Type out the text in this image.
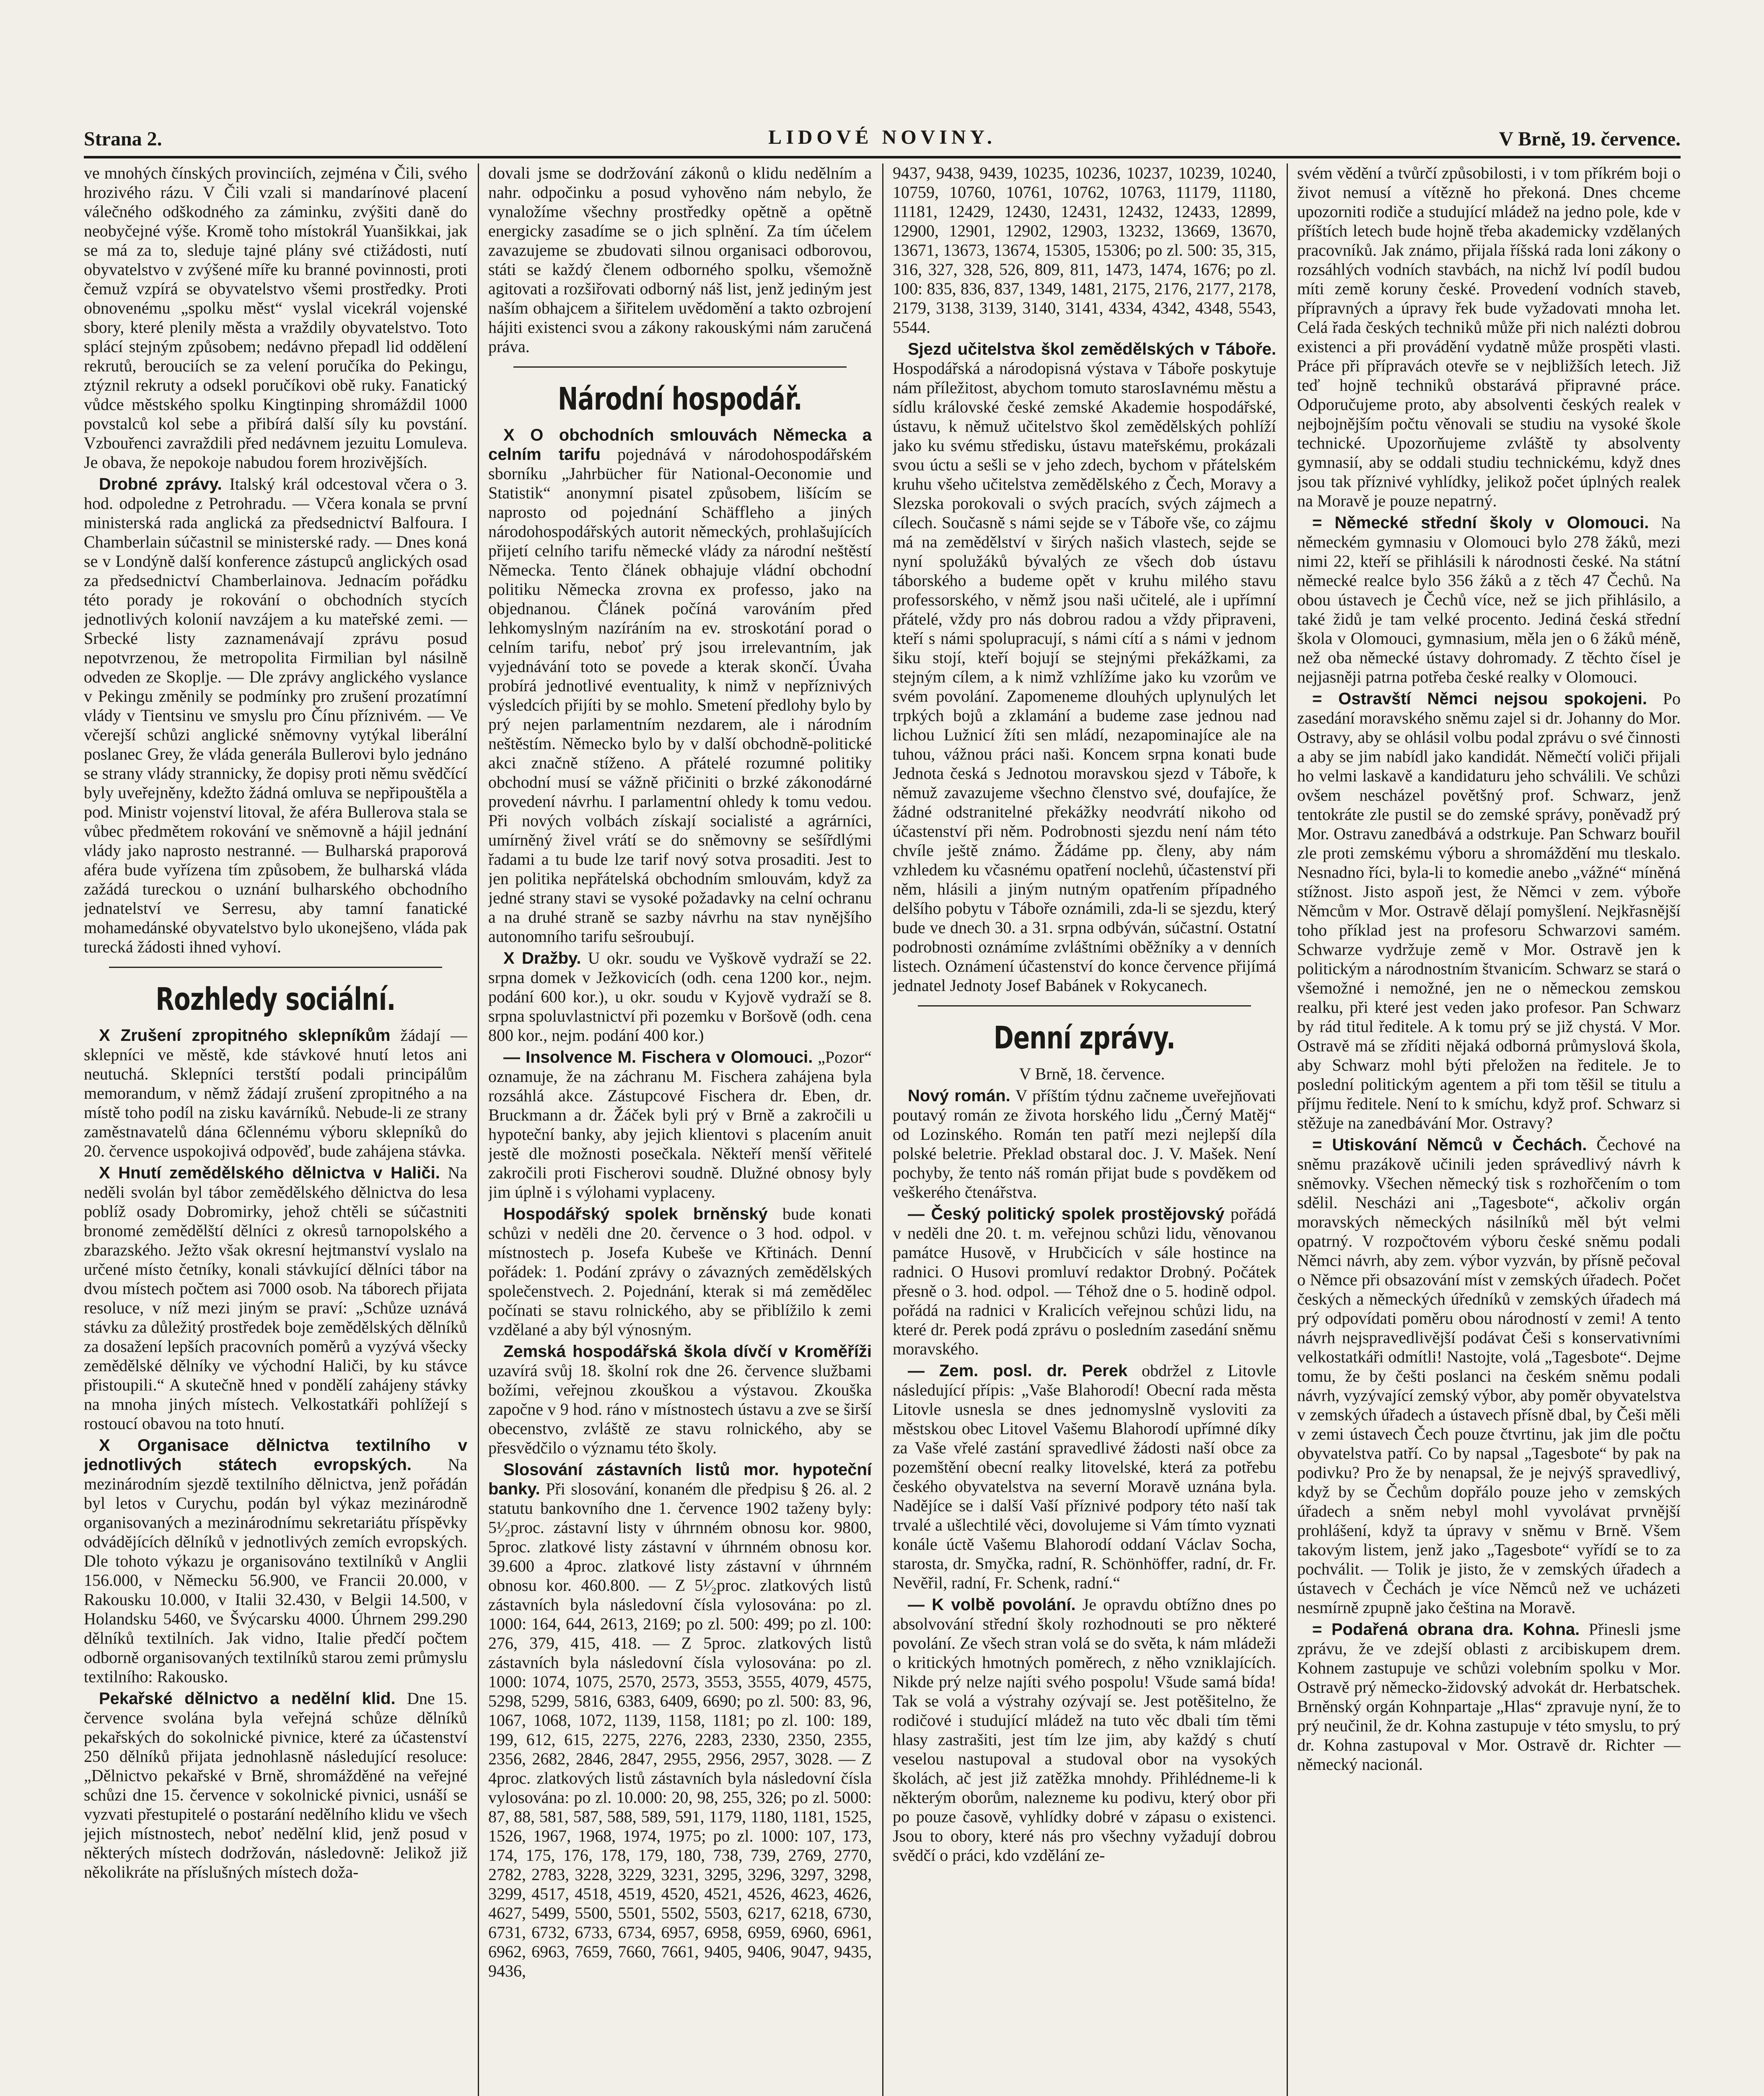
Strana 2.	LIDOVÉ NOVINY.	V Brně, 19. července.

ve mnohých čínských provinciích, zejména v Čili, svého hrozivého rázu. V Čili vzali si mandarínové placení válečného odškodného za záminku, zvýšiti daně do neobyčejné výše. Kromě toho místokrál Yuanšikkai, jak se má za to, sleduje tajné plány své ctižádosti, nutí obyvatelstvo v zvýšené míře ku branné povinnosti, proti čemuž vzpírá se obyvatelstvo všemi prostředky. Proti obnovenému „spolku měst“ vyslal vicekrál vojenské sbory, které plenily města a vraždily obyvatelstvo. Toto splácí stejným způsobem; nedávno přepadl lid oddělení rekrutů, berouciích se za velení poručíka do Pekingu, ztýznil rekruty a odsekl poručíkovi obě ruky. Fanatický vůdce městského spolku Kingtinping shromáždil 1000 povstalců kol sebe a přibírá další síly ku povstání. Vzbouřenci zavraždili před nedávnem jezuitu Lomuleva. Je obava, že nepokoje nabudou forem hrozivějších.

Drobné zprávy. Italský král odcestoval včera o 3. hod. odpoledne z Petrohradu. — Včera konala se první ministerská rada anglická za předsednictví Balfoura. I Chamberlain súčastnil se ministerské rady. — Dnes koná se v Londýně další konference zástupců anglických osad za předsednictví Chamberlainova. Jednacím pořádku této porady je rokování o obchodních stycích jednotlivých kolonií navzájem a ku mateřské zemi. — Srbecké listy zaznamenávají zprávu posud nepotvrzenou, že metropolita Firmilian byl násilně odveden ze Skoplje. — Dle zprávy anglického vyslance v Pekingu změnily se podmínky pro zrušení prozatímní vlády v Tientsinu ve smyslu pro Čínu příznivém. — Ve včerejší schůzi anglické sněmovny vytýkal liberální poslanec Grey, že vláda generála Bullerovi bylo jednáno se strany vlády strannicky, že dopisy proti němu svědčící byly uveřejněny, kdežto žádná omluva se nepřipouštěla a pod. Ministr vojenství litoval, že aféra Bullerova stala se vůbec předmětem rokování ve sněmovně a hájil jednání vlády jako naprosto nestranné. — Bulharská praporová aféra bude vyřízena tím způsobem, že bulharská vláda zažádá tureckou o uznání bulharského obchodního jednatelství ve Serresu, aby tamní fanatické mohamedánské obyvatelstvo bylo ukonejšeno, vláda pak turecká žádosti ihned vyhoví.

Rozhledy sociální.

X Zrušení zpropitného sklepníkům žádají — sklepníci ve městě, kde stávkové hnutí letos ani neutuchá. Sklepníci terstští podali principálům memorandum, v němž žádají zrušení zpropitného a na místě toho podíl na zisku kavárníků. Nebude-li ze strany zaměstnavatelů dána 6člennému výboru sklepníků do 20. července uspokojivá odpověď, bude zahájena stávka.

X Hnutí zemědělského dělnictva v Haliči. Na neděli svolán byl tábor zemědělského dělnictva do lesa poblíž osady Dobromirky, jehož chtěli se súčastniti bronomé zemědělští dělníci z okresů tarnopolského a zbarazského. Ježto však okresní hejtmanství vyslalo na určené místo četníky, konali stávkující dělníci tábor na dvou místech počtem asi 7000 osob. Na táborech přijata resoluce, v níž mezi jiným se praví: „Schůze uznává stávku za důležitý prostředek boje zemědělských dělníků za dosažení lepších pracovních poměrů a vyzývá všecky zemědělské dělníky ve východní Haliči, by ku stávce přistoupili.“ A skutečně hned v pondělí zahájeny stávky na mnoha jiných místech. Velkostatkáři pohlížejí s rostoucí obavou na toto hnutí.

X Organisace dělnictva textilního v jednotlivých státech evropských. Na mezinárodním sjezdě textilního dělnictva, jenž pořádán byl letos v Curychu, podán byl výkaz mezinárodně organisovaných a mezinárodnímu sekretariátu příspěvky odvádějících dělníků v jednotlivých zemích evropských. Dle tohoto výkazu je organisováno textilníků v Anglii 156.000, v Německu 56.900, ve Francii 20.000, v Rakousku 10.000, v Italii 32.430, v Belgii 14.500, v Holandsku 5460, ve Švýcarsku 4000. Úhrnem 299.290 dělníků textilních. Jak vidno, Italie předčí počtem odborně organisovaných textilníků starou zemi průmyslu textilního: Rakousko.

Pekařské dělnictvo a nedělní klid. Dne 15. července svolána byla veřejná schůze dělníků pekařských do sokolnické pivnice, které za účastenství 250 dělníků přijata jednohlasně následující resoluce: „Dělnictvo pekařské v Brně, shromážděné na veřejné schůzi dne 15. července v sokolnické pivnici, usnáší se vyzvati přestupitelé o postarání nedělního klidu ve všech jejich místnostech, neboť nedělní klid, jenž posud v některých místech dodržován, následovně: Jelikož již několikráte na příslušných místech doža-

dovali jsme se dodržování zákonů o klidu nedělním a nahr. odpočinku a posud vyhověno nám nebylo, že vynaložíme všechny prostředky opětně a opětně energicky zasadíme se o jich splnění. Za tím účelem zavazujeme se zbudovati silnou organisaci odborovou, státi se každý členem odborného spolku, všemožně agitovati a rozšiřovati odborný náš list, jenž jediným jest naším obhajcem a šiřitelem uvědomění a takto ozbrojení hájiti existenci svou a zákony rakouskými nám zaručená práva.

Národní hospodář.

X O obchodních smlouvách Německa a celním tarifu pojednává v národohospodářském sborníku „Jahrbücher für National-Oeconomie und Statistik“ anonymní pisatel způsobem, lišícím se naprosto od pojednání Schäffleho a jiných národohospodářských autorit německých, prohlašujících přijetí celního tarifu německé vlády za národní neštěstí Německa. Tento článek obhajuje vládní obchodní politiku Německa zrovna ex professo, jako na objednanou. Článek počíná varováním před lehkomyslným nazíráním na ev. stroskotání porad o celním tarifu, neboť prý jsou irrelevantním, jak vyjednávání toto se povede a kterak skončí. Úvaha probírá jednotlivé eventuality, k nimž v nepříznivých výsledcích přijíti by se mohlo. Smetení předlohy bylo by prý nejen parlamentním nezdarem, ale i národním neštěstím. Německo bylo by v další obchodně-politické akci značně stíženo. A přátelé rozumné politiky obchodní musí se vážně přičiniti o brzké zákonodárné provedení návrhu. I parlamentní ohledy k tomu vedou. Při nových volbách získají socialisté a agrárníci, umírněný živel vrátí se do sněmovny se sešířdlými řadami a tu bude lze tarif nový sotva prosaditi. Jest to jen politika nepřátelská obchodním smlouvám, když za jedné strany stavi se vysoké požadavky na celní ochranu a na druhé straně se sazby návrhu na stav nynějšího autonomního tarifu sešroubují.

X Dražby. U okr. soudu ve Vyškově vydraží se 22. srpna domek v Ježkovicích (odh. cena 1200 kor., nejm. podání 600 kor.), u okr. soudu v Kyjově vydraží se 8. srpna spoluvlastnictví při pozemku v Boršově (odh. cena 800 kor., nejm. podání 400 kor.)

— Insolvence M. Fischera v Olomouci. „Pozor“ oznamuje, že na záchranu M. Fischera zahájena byla rozsáhlá akce. Zástupcové Fischera dr. Eben, dr. Bruckmann a dr. Žáček byli prý v Brně a zakročili u hypoteční banky, aby jejich klientovi s placením anuit jestě dle možnosti posečkala. Někteří menší věřitelé zakročili proti Fischerovi soudně. Dlužné obnosy byly jim úplně i s výlohami vyplaceny.

Hospodářský spolek brněnský bude konati schůzi v neděli dne 20. července o 3 hod. odpol. v místnostech p. Josefa Kubeše ve Křtinách. Denní pořádek: 1. Podání zprávy o závazných zemědělských společenstvech. 2. Pojednání, kterak si má zemědělec počínati se stavu rolnického, aby se přiblížilo k zemi vzdělané a aby býl výnosným.

Zemská hospodářská škola dívčí v Kroměříži uzavírá svůj 18. školní rok dne 26. července službami božími, veřejnou zkouškou a výstavou. Zkouška započne v 9 hod. ráno v místnostech ústavu a zve se širší obecenstvo, zvláště ze stavu rolnického, aby se přesvědčilo o významu této školy.

Slosování zástavních listů mor. hypoteční banky. Při slosování, konaném dle předpisu § 26. al. 2 statutu bankovního dne 1. července 1902 taženy byly: 5¹⁄₂proc. zástavní listy v úhrnném obnosu kor. 9800, 5proc. zlatkové listy zástavní v úhrnném obnosu kor. 39.600 a 4proc. zlatkové listy zástavní v úhrnném obnosu kor. 460.800. — Z 5¹⁄₂proc. zlatkových listů zástavních byla následovní čísla vylosována: po zl. 1000: 164, 644, 2613, 2169; po zl. 500: 499; po zl. 100: 276, 379, 415, 418. — Z 5proc. zlatkových listů zástavních byla následovní čísla vylosována: po zl. 1000: 1074, 1075, 2570, 2573, 3553, 3555, 4079, 4575, 5298, 5299, 5816, 6383, 6409, 6690; po zl. 500: 83, 96, 1067, 1068, 1072, 1139, 1158, 1181; po zl. 100: 189, 199, 612, 615, 2275, 2276, 2283, 2330, 2350, 2355, 2356, 2682, 2846, 2847, 2955, 2956, 2957, 3028. — Z 4proc. zlatkových listů zástavních byla následovní čísla vylosována: po zl. 10.000: 20, 98, 255, 326; po zl. 5000: 87, 88, 581, 587, 588, 589, 591, 1179, 1180, 1181, 1525, 1526, 1967, 1968, 1974, 1975; po zl. 1000: 107, 173, 174, 175, 176, 178, 179, 180, 738, 739, 2769, 2770, 2782, 2783, 3228, 3229, 3231, 3295, 3296, 3297, 3298, 3299, 4517, 4518, 4519, 4520, 4521, 4526, 4623, 4626, 4627, 5499, 5500, 5501, 5502, 5503, 6217, 6218, 6730, 6731, 6732, 6733, 6734, 6957, 6958, 6959, 6960, 6961, 6962, 6963, 7659, 7660, 7661, 9405, 9406, 9047, 9435, 9436,

9437, 9438, 9439, 10235, 10236, 10237, 10239, 10240, 10759, 10760, 10761, 10762, 10763, 11179, 11180, 11181, 12429, 12430, 12431, 12432, 12433, 12899, 12900, 12901, 12902, 12903, 13232, 13669, 13670, 13671, 13673, 13674, 15305, 15306; po zl. 500: 35, 315, 316, 327, 328, 526, 809, 811, 1473, 1474, 1676; po zl. 100: 835, 836, 837, 1349, 1481, 2175, 2176, 2177, 2178, 2179, 3138, 3139, 3140, 3141, 4334, 4342, 4348, 5543, 5544.

Sjezd učitelstva škol zemědělských v Táboře. Hospodářská a národopisná výstava v Táboře poskytuje nám příležitost, abychom tomuto starosIavnému městu a sídlu královské české zemské Akademie hospodářské, ústavu, k němuž učitelstvo škol zemědělských pohlíží jako ku svému středisku, ústavu mateřskému, prokázali svou úctu a sešli se v jeho zdech, bychom v přátelském kruhu všeho učitelstva zemědělského z Čech, Moravy a Slezska porokovali o svých pracích, svých zájmech a cílech. Současně s námi sejde se v Táboře vše, co zájmu má na zemědělství v širých našich vlastech, sejde se nyní spolužáků bývalých ze všech dob ústavu táborského a budeme opět v kruhu milého stavu professorského, v němž jsou naši učitelé, ale i upřímní přátelé, vždy pro nás dobrou radou a vždy připraveni, kteří s námi spolupracují, s námi cítí a s námi v jednom šiku stojí, kteří bojují se stejnými překážkami, za stejným cílem, a k nimž vzhlížíme jako ku vzorům ve svém povolání. Zapomeneme dlouhých uplynulých let trpkých bojů a zklamání a budeme zase jednou nad lichou Lužnicí žíti sen mládí, nezapominajíce ale na tuhou, vážnou práci naši. Koncem srpna konati bude Jednota česká s Jednotou moravskou sjezd v Táboře, k němuž zavazujeme všechno členstvo své, doufajíce, že žádné odstranitelné překážky neodvrátí nikoho od účastenství při něm. Podrobnosti sjezdu není nám této chvíle ještě známo. Žádáme pp. členy, aby nám vzhledem ku včasnému opatření noclehů, účastenství při něm, hlásili a jiným nutným opatřením případného delšího pobytu v Táboře oznámili, zda-li se sjezdu, který bude ve dnech 30. a 31. srpna odbýván, súčastní. Ostatní podrobnosti oznámíme zvláštními oběžníky a v denních listech. Oznámení účastenství do konce července přijímá jednatel Jednoty Josef Babánek v Rokycanech.

Denní zprávy.

V Brně, 18. července.

Nový román. V příštím týdnu začneme uveřejňovati poutavý román ze života horského lidu „Černý Matěj“ od Lozinského. Román ten patří mezi nejlepší díla polské beletrie. Překlad obstaral doc. J. V. Mašek. Není pochyby, že tento náš román přijat bude s povděkem od veškerého čtenářstva.

— Český politický spolek prostějovský pořádá v neděli dne 20. t. m. veřejnou schůzi lidu, věnovanou památce Husově, v Hrubčicích v sále hostince na radnici. O Husovi promluví redaktor Drobný. Počátek přesně o 3. hod. odpol. — Téhož dne o 5. hodině odpol. pořádá na radnici v Kralicích veřejnou schůzi lidu, na které dr. Perek podá zprávu o posledním zasedání sněmu moravského.

— Zem. posl. dr. Perek obdržel z Litovle následující přípis: „Vaše Blahorodí! Obecní rada města Litovle usnesla se dnes jednomyslně vysloviti za městskou obec Litovel Vašemu Blahorodí upřímné díky za Vaše vřelé zastání spravedlivé žádosti naší obce za pozemštění obecní realky litovelské, která za potřebu českého obyvatelstva na severní Moravě uznána byla. Nadějíce se i další Vaší příznivé podpory této naší tak trvalé a ušlechtilé věci, dovolujeme si Vám tímto vyznati konále úctě Vašemu Blahorodí oddaní Václav Socha, starosta, dr. Smyčka, radní, R. Schönhöffer, radní, dr. Fr. Nevěřil, radní, Fr. Schenk, radní.“

— K volbě povolání. Je opravdu obtížno dnes po absolvování střední školy rozhodnouti se pro některé povolání. Ze všech stran volá se do světa, k nám mládeži o kritických hmotných poměrech, z něho vzniklajících. Nikde prý nelze najíti svého pospolu! Všude samá bída! Tak se volá a výstrahy ozývají se. Jest potěšitelno, že rodičové i studující mládež na tuto věc dbali tím těmi hlasy zastrašiti, jest tím lze jim, aby každý s chutí veselou nastupoval a studoval obor na vysokých školách, ač jest již zatěžka mnohdy. Přihlédneme-li k některým oborům, nalezneme ku podivu, který obor při po pouze časově, vyhlídky dobré v zápasu o existenci. Jsou to obory, které nás pro všechny vyžadují dobrou svědčí o práci, kdo vzdělání ze-

svém vědění a tvůrčí způsobilosti, i v tom příkrém boji o život nemusí a vítězně ho překoná. Dnes chceme upozorniti rodiče a studující mládež na jedno pole, kde v příštích letech bude hojně třeba akademicky vzdělaných pracovníků. Jak známo, přijala říšská rada loni zákony o rozsáhlých vodních stavbách, na nichž lví podíl budou míti země koruny české. Provedení vodních staveb, přípravných a úpravy řek bude vyžadovati mnoha let. Celá řada českých techniků může při nich nalézti dobrou existenci a při provádění vydatně může prospěti vlasti. Práce při přípravách otevře se v nejbližších letech. Již teď hojně techniků obstarává připravné práce. Odporučujeme proto, aby absolventi českých realek v nejbojnějším počtu věnovali se studiu na vysoké škole technické. Upozorňujeme zvláště ty absolventy gymnasií, aby se oddali studiu technickému, když dnes jsou tak příznivé vyhlídky, jelikož počet úplných realek na Moravě je pouze nepatrný.

= Německé střední školy v Olomouci. Na německém gymnasiu v Olomouci bylo 278 žáků, mezi nimi 22, kteří se přihlásili k národnosti české. Na státní německé realce bylo 356 žáků a z těch 47 Čechů. Na obou ústavech je Čechů více, než se jich přihlásilo, a také židů je tam velké procento. Jediná česká střední škola v Olomouci, gymnasium, měla jen o 6 žáků méně, než oba německé ústavy dohromady. Z těchto čísel je nejjasněji patrna potřeba české realky v Olomouci.

= Ostravští Němci nejsou spokojeni. Po zasedání moravského sněmu zajel si dr. Johanny do Mor. Ostravy, aby se ohlásil volbu podal zprávu o své činnosti a aby se jim nabídl jako kandidát. Němečtí voliči přijali ho velmi laskavě a kandidaturu jeho schválili. Ve schůzi ovšem nescházel povětšný prof. Schwarz, jenž tentokráte zle pustil se do zemské správy, poněvadž prý Mor. Ostravu zanedbává a odstrkuje. Pan Schwarz bouřil zle proti zemskému výboru a shromáždění mu tleskalo. Nesnadno říci, byla-li to komedie anebo „vážné“ míněná stížnost. Jisto aspoň jest, že Němci v zem. výboře Němcům v Mor. Ostravě dělají pomyšlení. Nejkřasnější toho příklad jest na profesoru Schwarzovi samém. Schwarze vydržuje země v Mor. Ostravě jen k politickým a národnostním štvanicím. Schwarz se stará o všemožné i nemožné, jen ne o německou zemskou realku, při které jest veden jako profesor. Pan Schwarz by rád titul ředitele. A k tomu prý se již chystá. V Mor. Ostravě má se zříditi nějaká odborná průmyslová škola, aby Schwarz mohl býti přeložen na ředitele. Je to poslední politickým agentem a při tom těšil se titulu a příjmu ředitele. Není to k smíchu, když prof. Schwarz si stěžuje na zanedbávání Mor. Ostravy?

= Utiskování Němců v Čechách. Čechové na sněmu prazákově učinili jeden správedlivý návrh k sněmovky. Všechen německý tisk s rozhořčením o tom sdělil. Nescházi ani „Tagesbote“, ačkoliv orgán moravských německých násilníků měl být velmi opatrný. V rozpočtovém výboru české sněmu podali Němci návrh, aby zem. výbor vyzván, by přísně pečoval o Němce při obsazování míst v zemských úřadech. Počet českých a německých úředníků v zemských úřadech má prý odpovídati poměru obou národností v zemi! A tento návrh nejspravedlivější podávat Češi s konservativními velkostatkáři odmítli! Nastojte, volá „Tagesbote“. Dejme tomu, že by češti poslanci na českém sněmu podali návrh, vyzývající zemský výbor, aby poměr obyvatelstva v zemských úřadech a ústavech přísně dbal, by Češi měli v zemi ústavech Čech pouze čtvrtinu, jak jim dle počtu obyvatelstva patří. Co by napsal „Tagesbote“ by pak na podivku? Pro že by nenapsal, že je nejvýš spravedlivý, když by se Čechům dopřálo pouze jeho v zemských úřadech a sněm nebyl mohl vyvolávat prvnější prohlášení, když ta úpravy v sněmu v Brně. Všem takovým listem, jenž jako „Tagesbote“ vyřídí se to za pochválit. — Tolik je jisto, že v zemských úřadech a ústavech v Čechách je více Němců než ve ucházeti nesmírně zpupně jako čeština na Moravě.

= Podařená obrana dra. Kohna. Přinesli jsme zprávu, že ve zdejší oblasti z arcibiskupem drem. Kohnem zastupuje ve schůzi volebním spolku v Mor. Ostravě prý německo-židovský advokát dr. Herbatschek. Brněnský orgán Kohnpartaje „Hlas“ zpravuje nyní, že to prý neučinil, že dr. Kohna zastupuje v této smyslu, to prý dr. Kohna zastupoval v Mor. Ostravě dr. Richter — německý nacionál.
